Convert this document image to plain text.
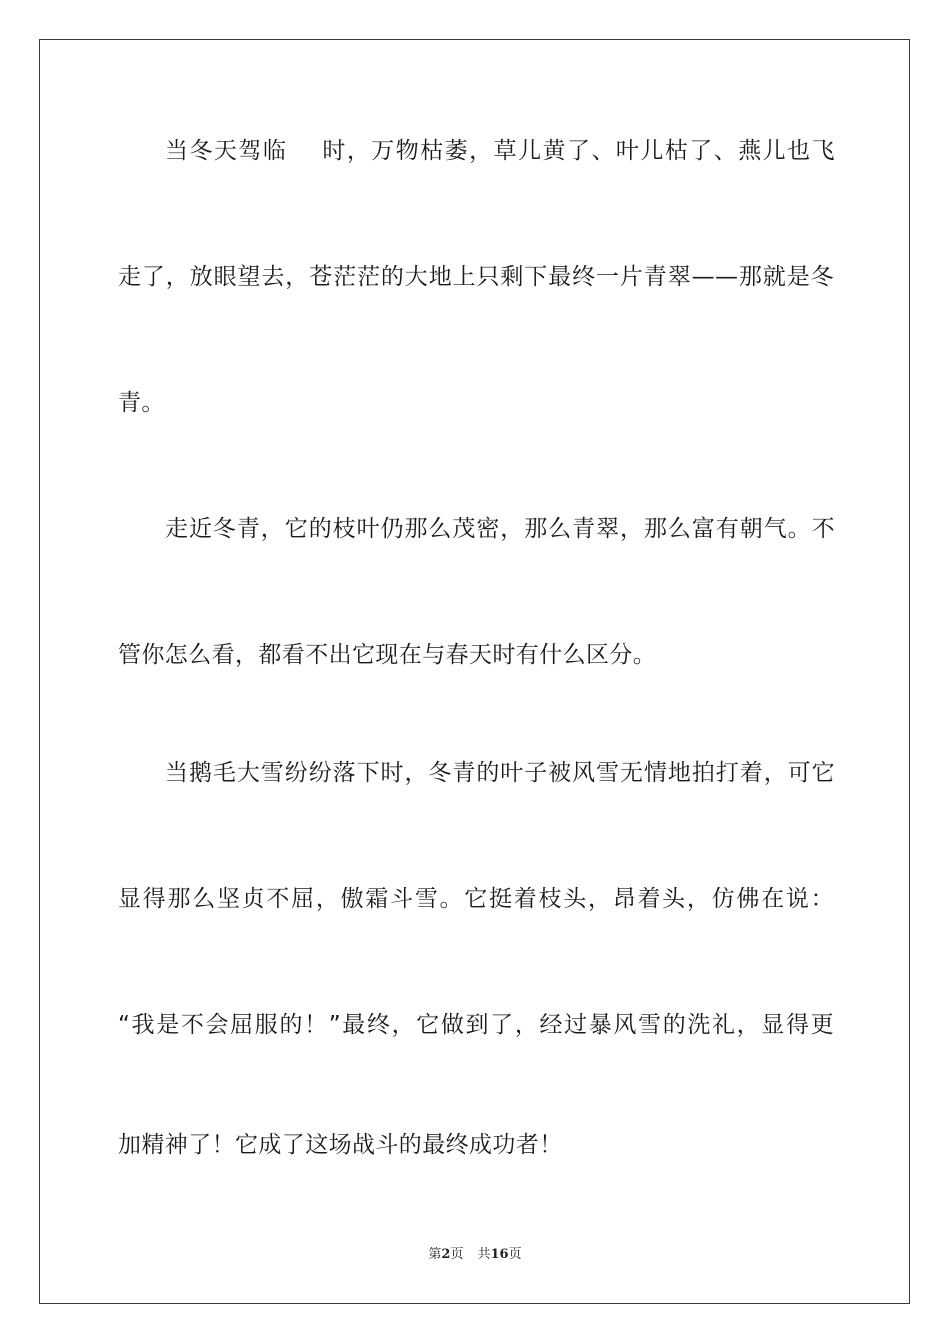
当冬天驾临 时，万物枯萎，草儿黄了、叶儿枯了、燕儿也飞
走了，放眼望去，苍茫茫的大地上只剩下最终一片青翠——那就是冬
青。
走近冬青，它的枝叶仍那么茂密，那么青翠，那么富有朝气。不
管你怎么看，都看不出它现在与春天时有什么区分。
当鹅毛大雪纷纷落下时，冬青的叶子被风雪无情地拍打着，可它
显得那么坚贞不屈，傲霜斗雪。它挺着枝头，昂着头，仿佛在说：
“我是不会屈服的！”最终，它做到了，经过暴风雪的洗礼，显得更
加精神了！它成了这场战斗的最终成功者！
第2页 共16页
